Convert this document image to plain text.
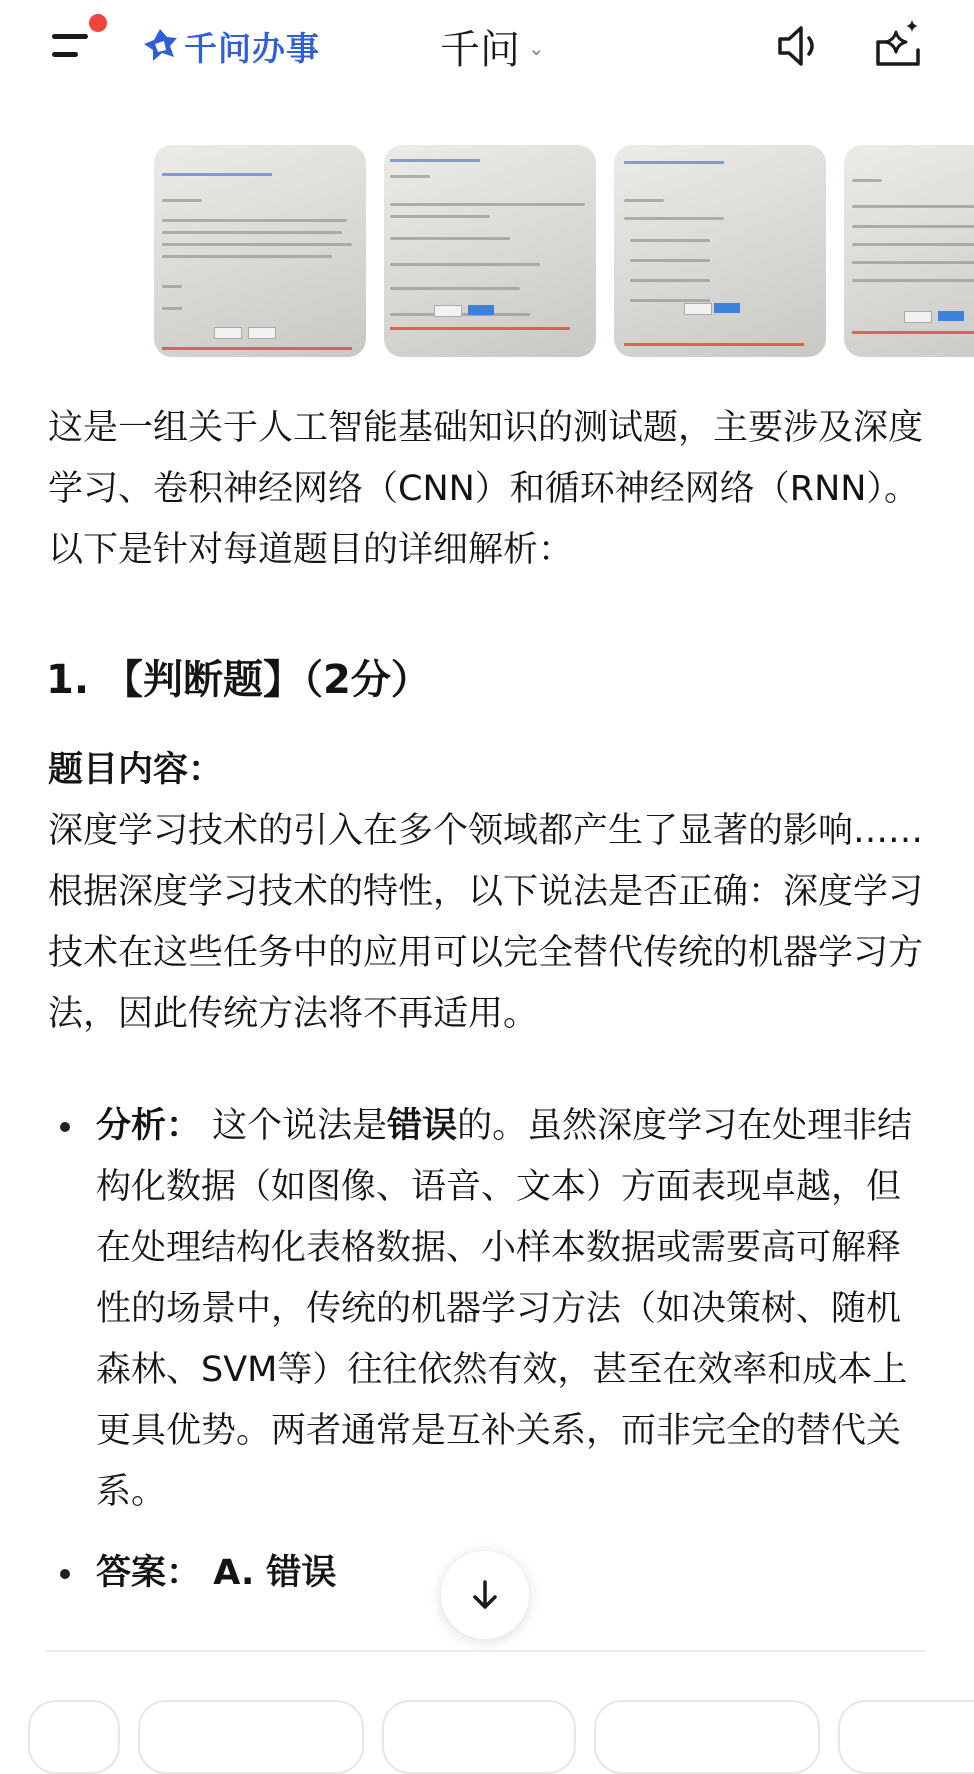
千问办事	千问 ⌄
这是一组关于人工智能基础知识的测试题，主要涉及深度学习、卷积神经网络（CNN）和循环神经网络（RNN）。以下是针对每道题目的详细解析：
1. 【判断题】（2分）
题目内容：
深度学习技术的引入在多个领域都产生了显著的影响……根据深度学习技术的特性，以下说法是否正确：深度学习技术在这些任务中的应用可以完全替代传统的机器学习方法，因此传统方法将不再适用。
分析： 这个说法是错误的。虽然深度学习在处理非结构化数据（如图像、语音、文本）方面表现卓越，但在处理结构化表格数据、小样本数据或需要高可解释性的场景中，传统的机器学习方法（如决策树、随机森林、SVM等）往往依然有效，甚至在效率和成本上更具优势。两者通常是互补关系，而非完全的替代关系。
答案： A. 错误
